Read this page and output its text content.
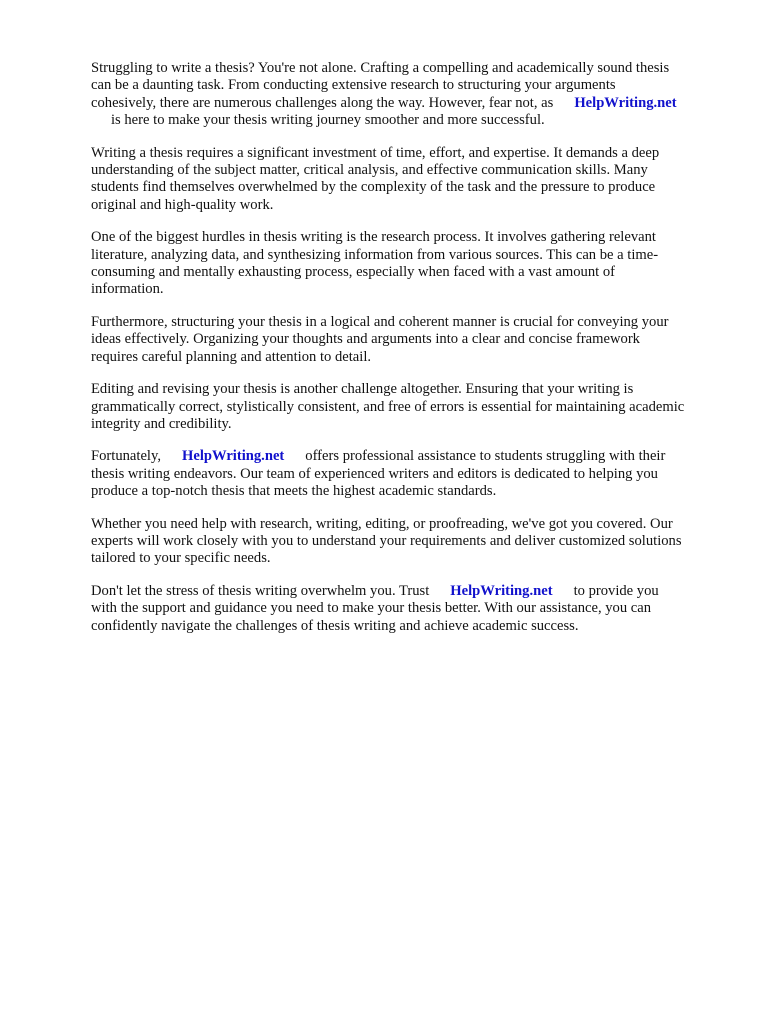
Struggling to write a thesis? You're not alone. Crafting a compelling and academically sound thesis
can be a daunting task. From conducting extensive research to structuring your arguments
cohesively, there are numerous challenges along the way. However, fear not, as HelpWriting.net
is here to make your thesis writing journey smoother and more successful.

Writing a thesis requires a significant investment of time, effort, and expertise. It demands a deep
understanding of the subject matter, critical analysis, and effective communication skills. Many
students find themselves overwhelmed by the complexity of the task and the pressure to produce
original and high-quality work.

One of the biggest hurdles in thesis writing is the research process. It involves gathering relevant
literature, analyzing data, and synthesizing information from various sources. This can be a time-
consuming and mentally exhausting process, especially when faced with a vast amount of
information.

Furthermore, structuring your thesis in a logical and coherent manner is crucial for conveying your
ideas effectively. Organizing your thoughts and arguments into a clear and concise framework
requires careful planning and attention to detail.

Editing and revising your thesis is another challenge altogether. Ensuring that your writing is
grammatically correct, stylistically consistent, and free of errors is essential for maintaining academic
integrity and credibility.

Fortunately, HelpWriting.net offers professional assistance to students struggling with their
thesis writing endeavors. Our team of experienced writers and editors is dedicated to helping you
produce a top-notch thesis that meets the highest academic standards.

Whether you need help with research, writing, editing, or proofreading, we've got you covered. Our
experts will work closely with you to understand your requirements and deliver customized solutions
tailored to your specific needs.

Don't let the stress of thesis writing overwhelm you. Trust HelpWriting.net to provide you
with the support and guidance you need to make your thesis better. With our assistance, you can
confidently navigate the challenges of thesis writing and achieve academic success.
